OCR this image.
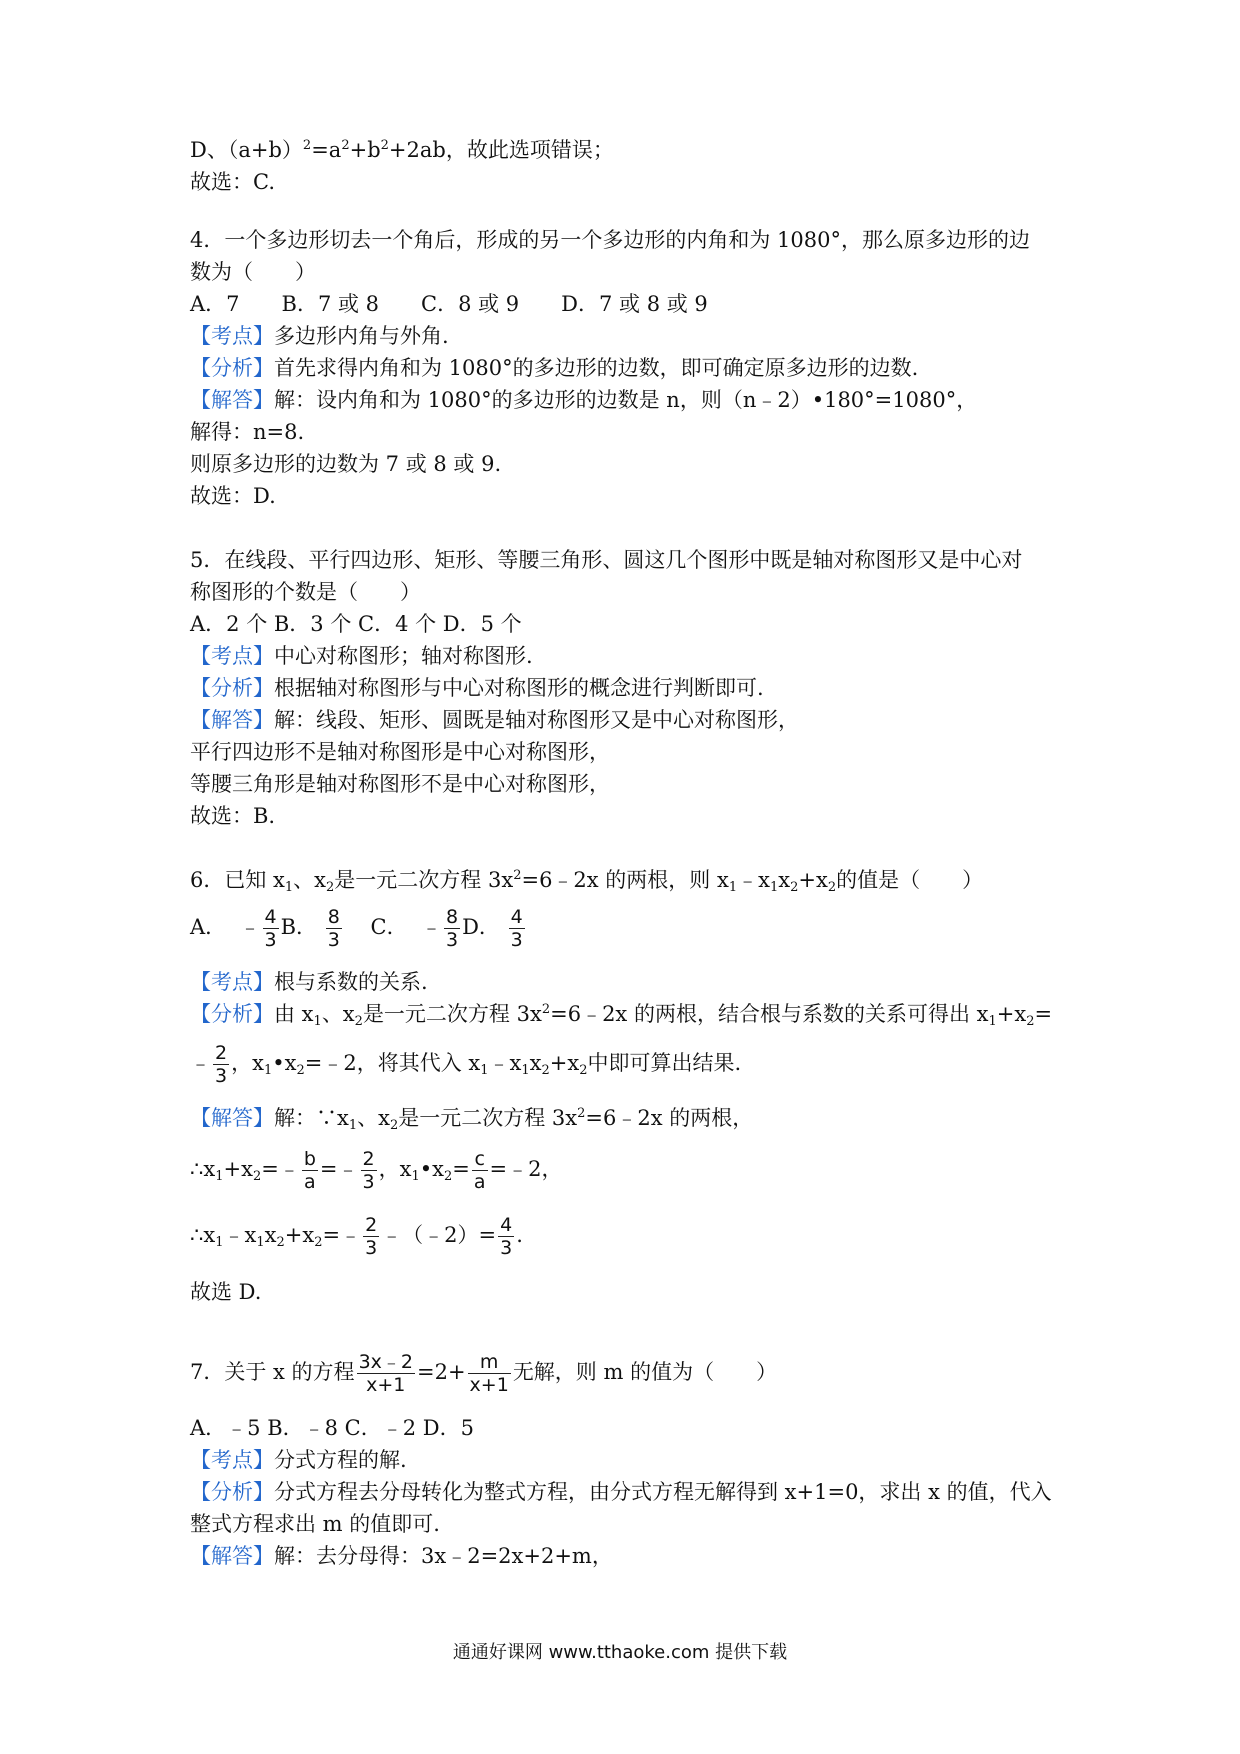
D、$(a+b)^2=a^2+b^2+2ab$，故此选项错误；
故选：C.
4．一个多边形切去一个角后，形成的另一个多边形的内角和为 1080°，那么原多边形的边
数为（　　）
A．7　　B．7 或 8　　C．8 或 9　　D．7 或 8 或 9
【考点】多边形内角与外角.
【分析】首先求得内角和为 1080°的多边形的边数，即可确定原多边形的边数.
【解答】解：设内角和为 1080°的多边形的边数是 n，则（n﹣2）•180°=1080°，
解得：n=8.
则原多边形的边数为 7 或 8 或 9.
故选：D.
5．在线段、平行四边形、矩形、等腰三角形、圆这几个图形中既是轴对称图形又是中心对
称图形的个数是（　　）
A．2 个 B．3 个 C．4 个 D．5 个
【考点】中心对称图形；轴对称图形.
【分析】根据轴对称图形与中心对称图形的概念进行判断即可.
【解答】解：线段、矩形、圆既是轴对称图形又是中心对称图形，
平行四边形不是轴对称图形是中心对称图形，
等腰三角形是轴对称图形不是中心对称图形，
故选：B.
6．已知 $x_1$、$x_2$是一元二次方程 $3x^2=6﹣2x$ 的两根，则 $x_1﹣x_1x_2+x_2$的值是（　　）
A． ﹣ $\frac{4}{3}$ B． $\frac{8}{3}$ C． ﹣ $\frac{8}{3}$ D． $\frac{4}{3}$
【考点】根与系数的关系.
【分析】由 $x_1$、$x_2$是一元二次方程 $3x^2=6﹣2x$ 的两根，结合根与系数的关系可得出 $x_1+x_2=$
﹣ $\frac{2}{3}$ ，$x_1•x_2=﹣2$，将其代入 $x_1﹣x_1x_2+x_2$中即可算出结果.
【解答】解：$\because x_1$、$x_2$是一元二次方程 $3x^2=6﹣2x$ 的两根，
$\therefore x_1+x_2=﹣ \frac{b}{a}$ =﹣ $\frac{2}{3}$ ，$x_1•x_2= \frac{c}{a}$ =﹣2，
$\therefore x_1﹣x_1x_2+x_2=﹣ \frac{2}{3}$ ﹣（﹣2）= $\frac{4}{3}$ .
故选 D.
7．关于 x 的方程 $\frac{3x﹣2}{x+1} =2+ \frac{m}{x+1}$ 无解，则 m 的值为（　　）
A．﹣5 B．﹣8 C．﹣2 D．5
【考点】分式方程的解.
【分析】分式方程去分母转化为整式方程，由分式方程无解得到 x+1=0，求出 x 的值，代入
整式方程求出 m 的值即可.
【解答】解：去分母得：3x﹣2=2x+2+m，
通通好课网 www.tthaoke.com 提供下载
